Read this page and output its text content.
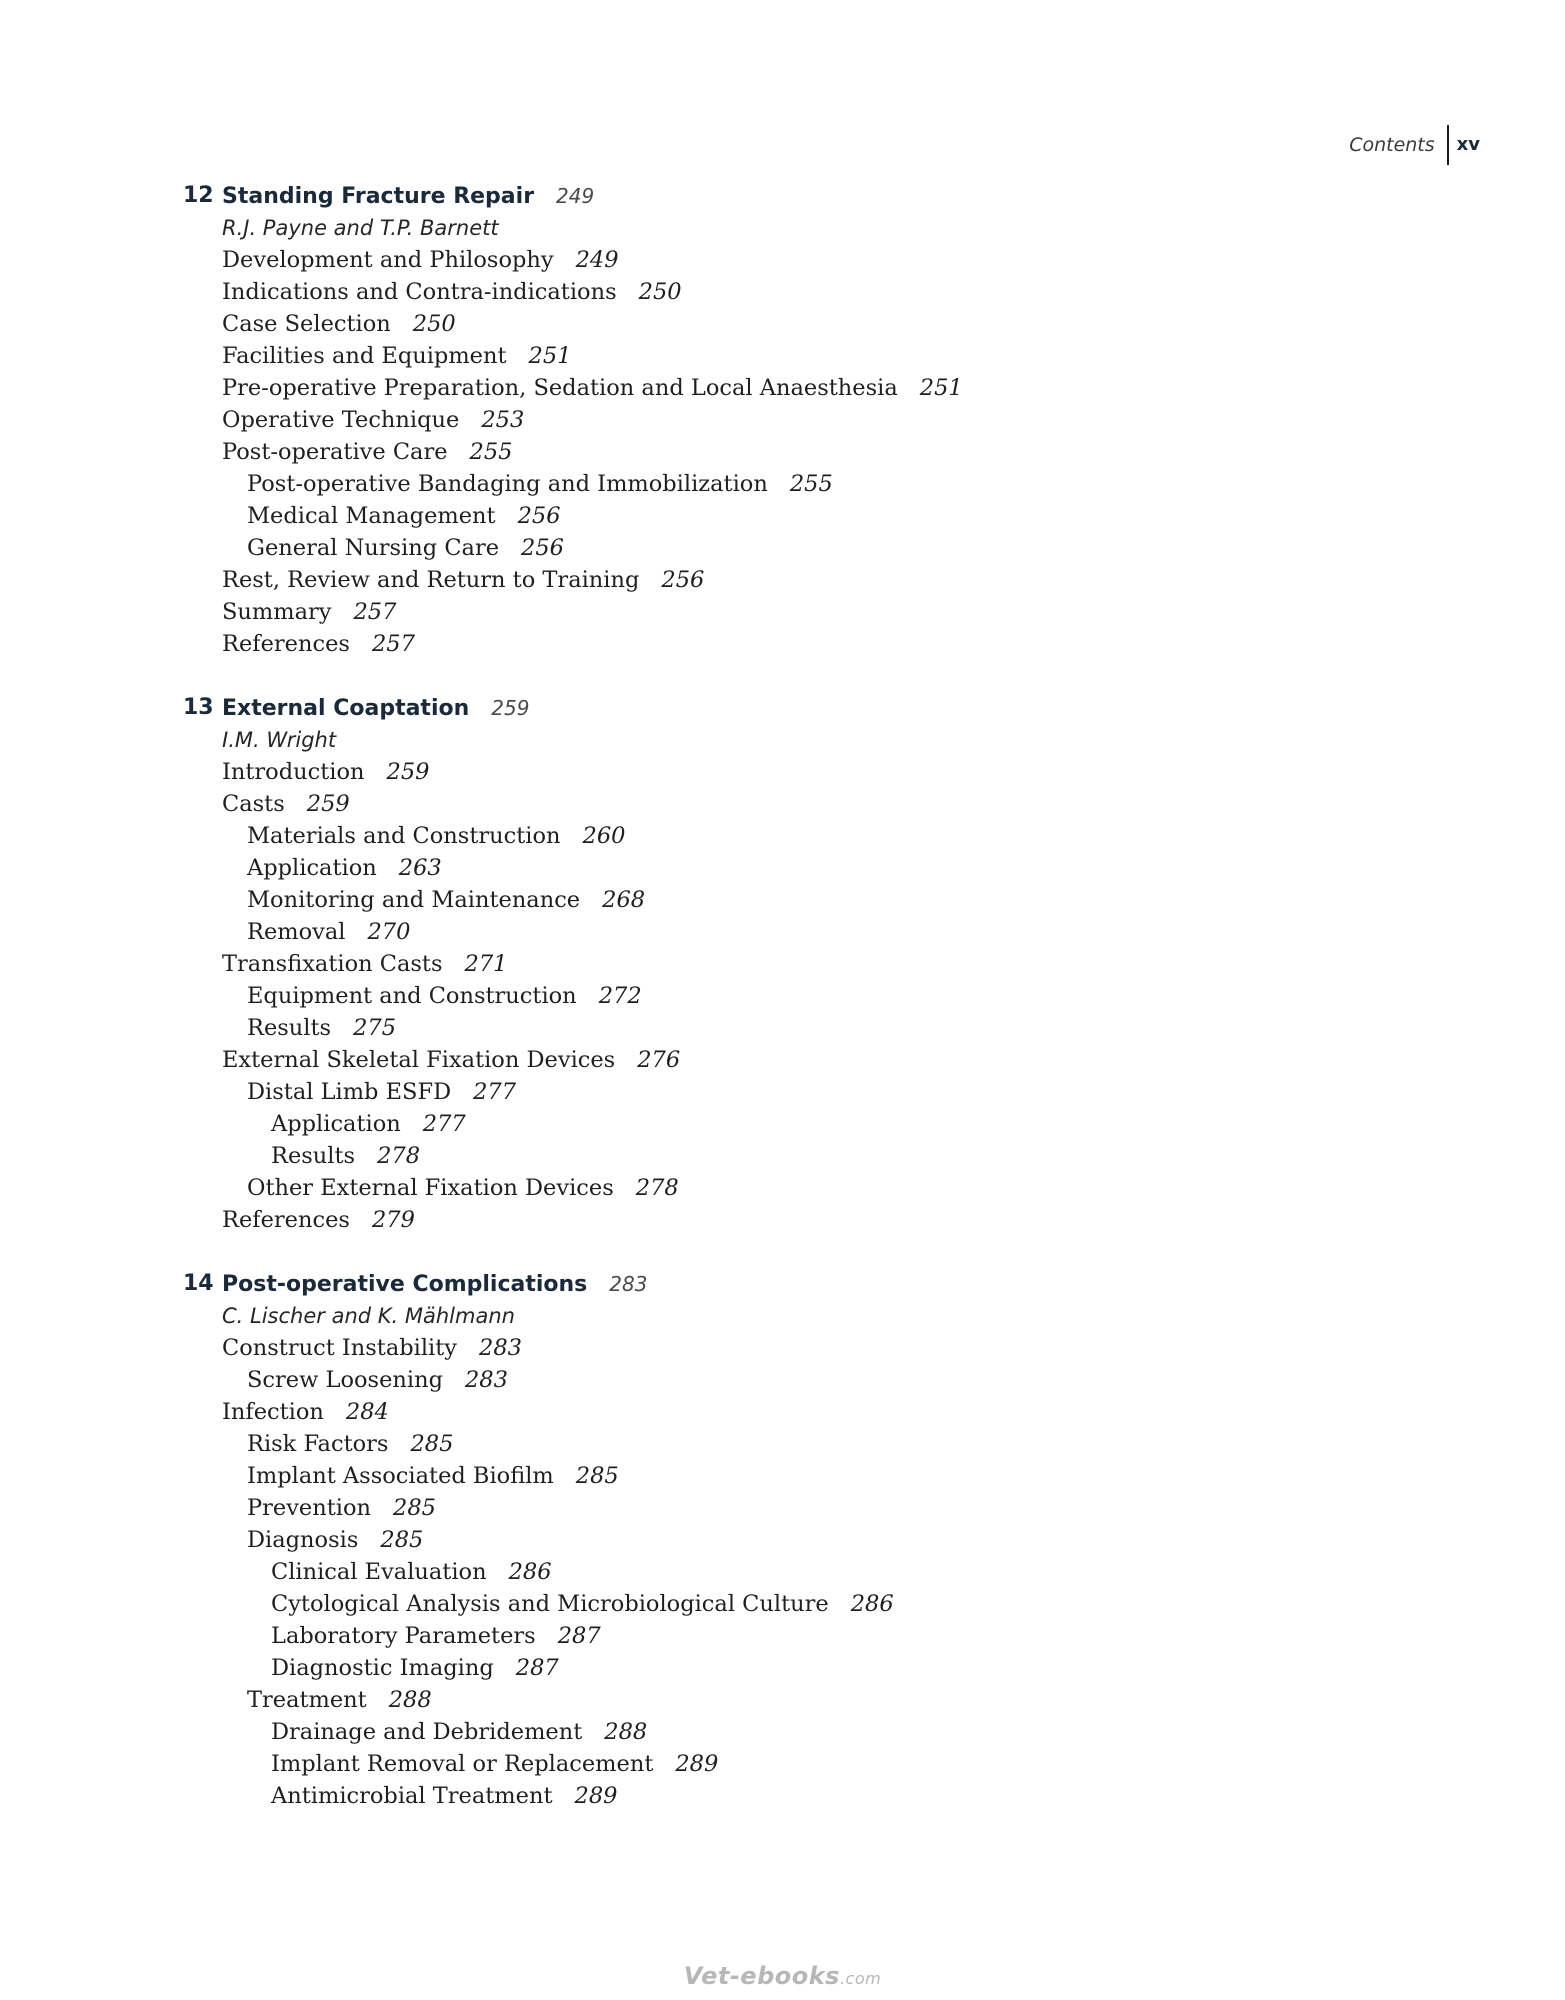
Contents	xv
12 Standing Fracture Repair 249
R.J. Payne and T.P. Barnett
Development and Philosophy 249
Indications and Contra-indications 250
Case Selection 250
Facilities and Equipment 251
Pre-operative Preparation, Sedation and Local Anaesthesia 251
Operative Technique 253
Post-operative Care 255
Post-operative Bandaging and Immobilization 255
Medical Management 256
General Nursing Care 256
Rest, Review and Return to Training 256
Summary 257
References 257
13 External Coaptation 259
I.M. Wright
Introduction 259
Casts 259
Materials and Construction 260
Application 263
Monitoring and Maintenance 268
Removal 270
Transfixation Casts 271
Equipment and Construction 272
Results 275
External Skeletal Fixation Devices 276
Distal Limb ESFD 277
Application 277
Results 278
Other External Fixation Devices 278
References 279
14 Post-operative Complications 283
C. Lischer and K. Mählmann
Construct Instability 283
Screw Loosening 283
Infection 284
Risk Factors 285
Implant Associated Biofilm 285
Prevention 285
Diagnosis 285
Clinical Evaluation 286
Cytological Analysis and Microbiological Culture 286
Laboratory Parameters 287
Diagnostic Imaging 287
Treatment 288
Drainage and Debridement 288
Implant Removal or Replacement 289
Antimicrobial Treatment 289
Vet-ebooks.com
